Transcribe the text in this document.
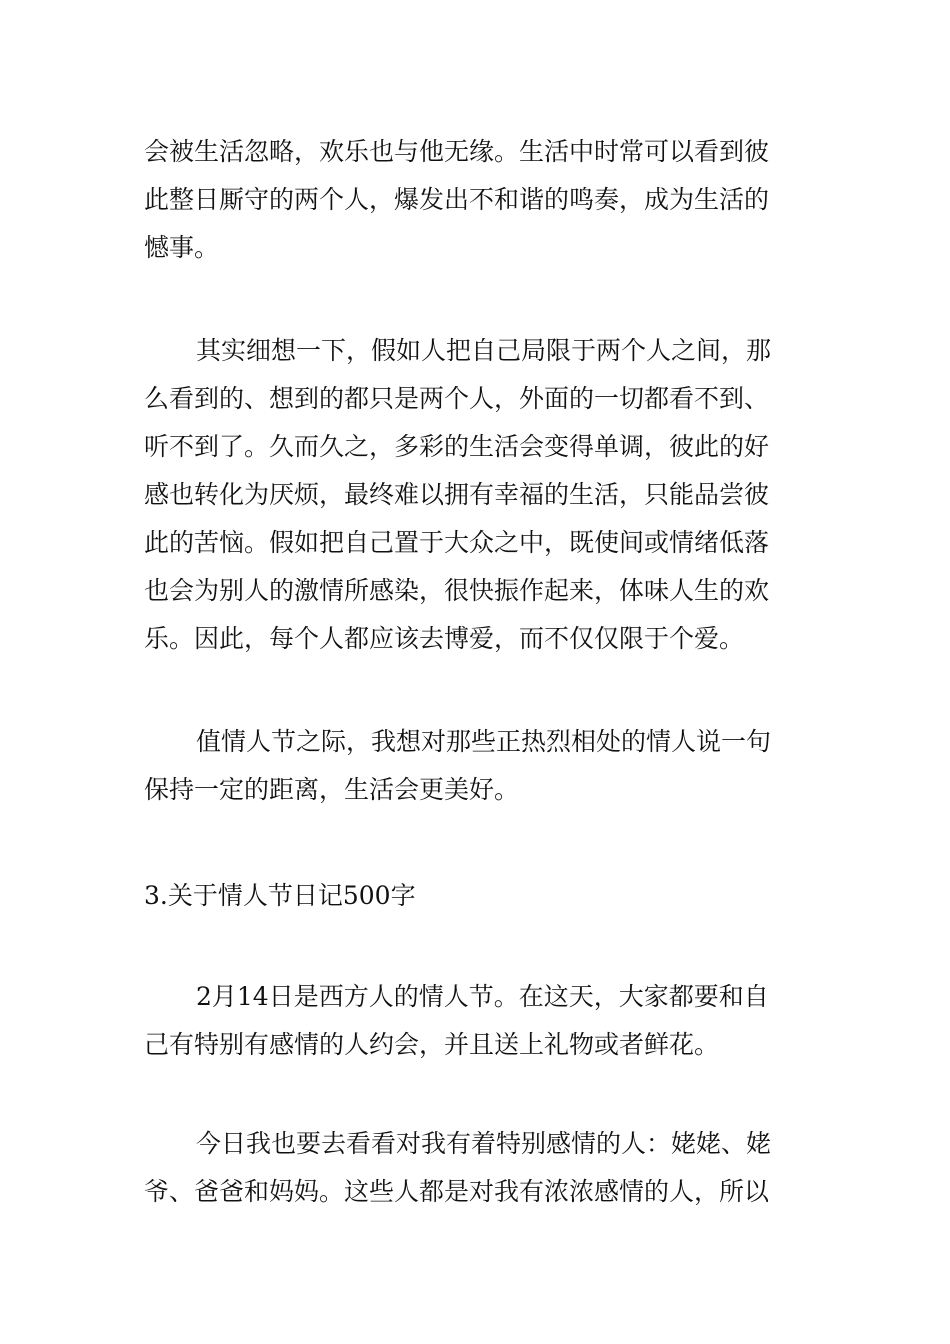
会被生活忽略，欢乐也与他无缘。生活中时常可以看到彼
此整日厮守的两个人，爆发出不和谐的鸣奏，成为生活的
憾事。

其实细想一下，假如人把自己局限于两个人之间，那
么看到的、想到的都只是两个人，外面的一切都看不到、
听不到了。久而久之，多彩的生活会变得单调，彼此的好
感也转化为厌烦，最终难以拥有幸福的生活，只能品尝彼
此的苦恼。假如把自己置于大众之中，既使间或情绪低落
也会为别人的激情所感染，很快振作起来，体味人生的欢
乐。因此，每个人都应该去博爱，而不仅仅限于个爱。

值情人节之际，我想对那些正热烈相处的情人说一句
保持一定的距离，生活会更美好。

3.关于情人节日记500字

2月14日是西方人的情人节。在这天，大家都要和自
己有特别有感情的人约会，并且送上礼物或者鲜花。

今日我也要去看看对我有着特别感情的人：姥姥、姥
爷、爸爸和妈妈。这些人都是对我有浓浓感情的人，所以
